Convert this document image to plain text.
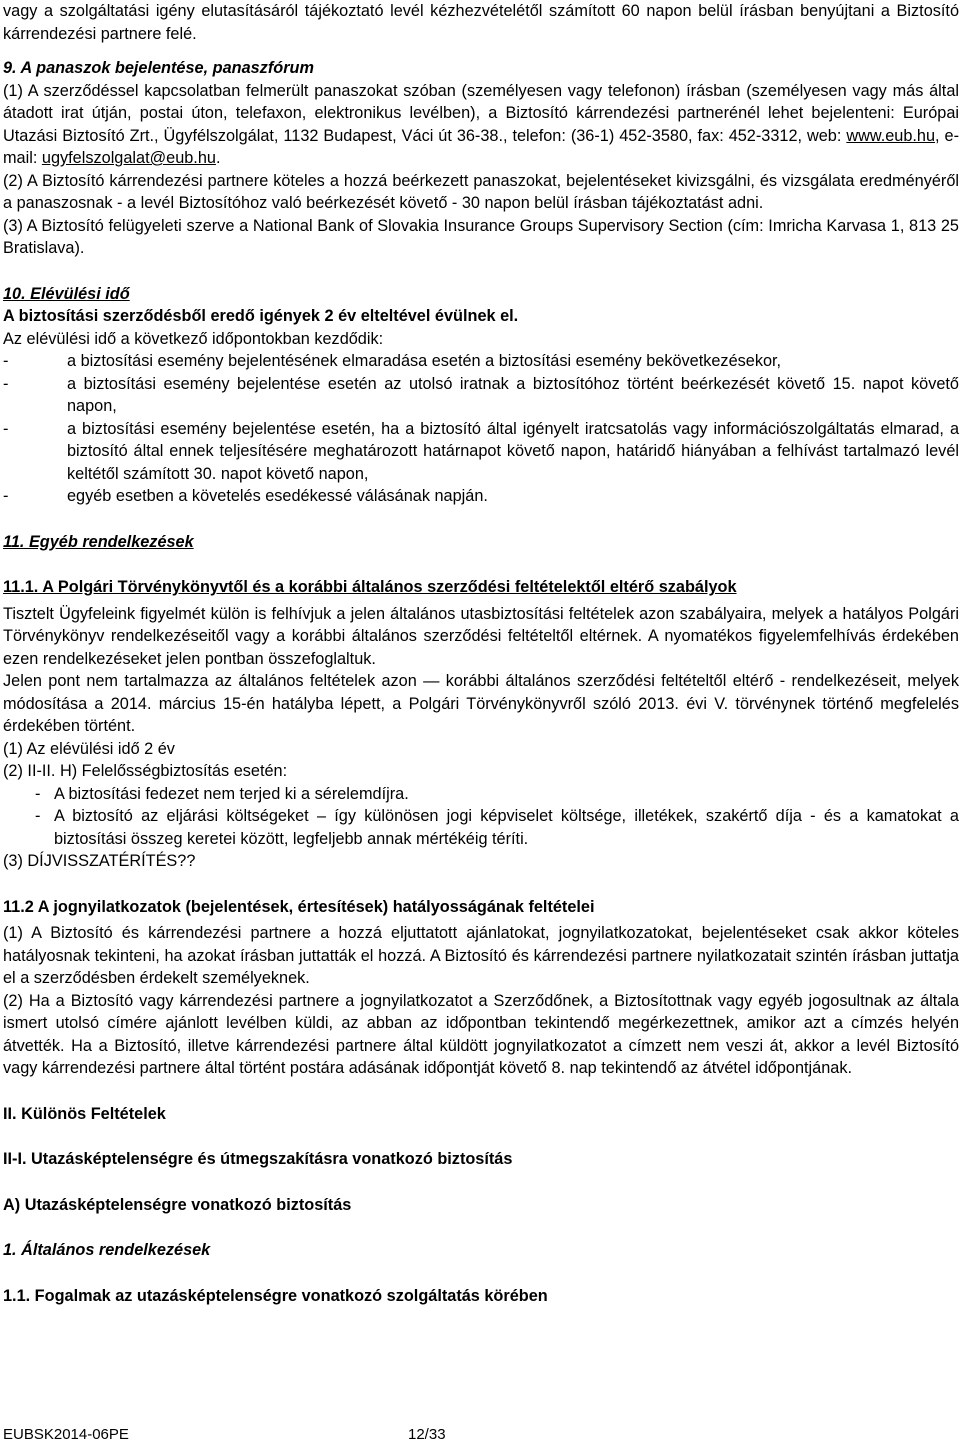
vagy a szolgáltatási igény elutasításáról tájékoztató levél kézhezvételétől számított 60 napon belül írásban benyújtani a Biztosító kárrendezési partnere felé.

9. A panaszok bejelentése, panaszfórum

(1) A szerződéssel kapcsolatban felmerült panaszokat szóban (személyesen vagy telefonon) írásban (személyesen vagy más által átadott irat útján, postai úton, telefaxon, elektronikus levélben), a Biztosító kárrendezési partnerénél lehet bejelenteni: Európai Utazási Biztosító Zrt., Ügyfélszolgálat, 1132 Budapest, Váci út 36-38., telefon: (36-1) 452-3580, fax: 452-3312, web: www.eub.hu, e-mail: ugyfelszolgalat@eub.hu.

(2) A Biztosító kárrendezési partnere köteles a hozzá beérkezett panaszokat, bejelentéseket kivizsgálni, és vizsgálata eredményéről a panaszosnak - a levél Biztosítóhoz való beérkezését követő - 30 napon belül írásban tájékoztatást adni.

(3) A Biztosító felügyeleti szerve a National Bank of Slovakia Insurance Groups Supervisory Section (cím: Imricha Karvasa 1, 813 25 Bratislava).

10. Elévülési idő

A biztosítási szerződésből eredő igények 2 év elteltével évülnek el.

Az elévülési idő a következő időpontokban kezdődik:

- a biztosítási esemény bejelentésének elmaradása esetén a biztosítási esemény bekövetkezésekor,
- a biztosítási esemény bejelentése esetén az utolsó iratnak a biztosítóhoz történt beérkezését követő 15. napot követő napon,
- a biztosítási esemény bejelentése esetén, ha a biztosító által igényelt iratcsatolás vagy információszolgáltatás elmarad, a biztosító által ennek teljesítésére meghatározott határnapot követő napon, határidő hiányában a felhívást tartalmazó levél keltétől számított 30. napot követő napon,
- egyéb esetben a követelés esedékessé válásának napján.

11. Egyéb rendelkezések

11.1. A Polgári Törvénykönyvtől és a korábbi általános szerződési feltételektől eltérő szabályok

Tisztelt Ügyfeleink figyelmét külön is felhívjuk a jelen általános utasbiztosítási feltételek azon szabályaira, melyek a hatályos Polgári Törvénykönyv rendelkezéseitől vagy a korábbi általános szerződési feltételtől eltérnek. A nyomatékos figyelemfelhívás érdekében ezen rendelkezéseket jelen pontban összefoglaltuk.

Jelen pont nem tartalmazza az általános feltételek azon — korábbi általános szerződési feltételtől eltérő - rendelkezéseit, melyek módosítása a 2014. március 15-én hatályba lépett, a Polgári Törvénykönyvről szóló 2013. évi V. törvénynek történő megfelelés érdekében történt.

(1) Az elévülési idő 2 év

(2) II-II. H) Felelősségbiztosítás esetén:

- A biztosítási fedezet nem terjed ki a sérelemdíjra.
- A biztosító az eljárási költségeket – így különösen jogi képviselet költsége, illetékek, szakértő díja - és a kamatokat a biztosítási összeg keretei között, legfeljebb annak mértékéig téríti.

(3) DÍJVISSZATÉRÍTÉS??

11.2 A jognyilatkozatok (bejelentések, értesítések) hatályosságának feltételei

(1) A Biztosító és kárrendezési partnere a hozzá eljuttatott ajánlatokat, jognyilatkozatokat, bejelentéseket csak akkor köteles hatályosnak tekinteni, ha azokat írásban juttatták el hozzá. A Biztosító és kárrendezési partnere nyilatkozatait szintén írásban juttatja el a szerződésben érdekelt személyeknek.

(2) Ha a Biztosító vagy kárrendezési partnere a jognyilatkozatot a Szerződőnek, a Biztosítottnak vagy egyéb jogosultnak az általa ismert utolsó címére ajánlott levélben küldi, az abban az időpontban tekintendő megérkezettnek, amikor azt a címzés helyén átvették. Ha a Biztosító, illetve kárrendezési partnere által küldött jognyilatkozatot a címzett nem veszi át, akkor a levél Biztosító vagy kárrendezési partnere által történt postára adásának időpontját követő 8. nap tekintendő az átvétel időpontjának.

II. Különös Feltételek

II-I. Utazásképtelenségre és útmegszakításra vonatkozó biztosítás

A) Utazásképtelenségre vonatkozó biztosítás

1. Általános rendelkezések

1.1. Fogalmak az utazásképtelenségre vonatkozó szolgáltatás körében

EUBSK2014-06PE	12/33
